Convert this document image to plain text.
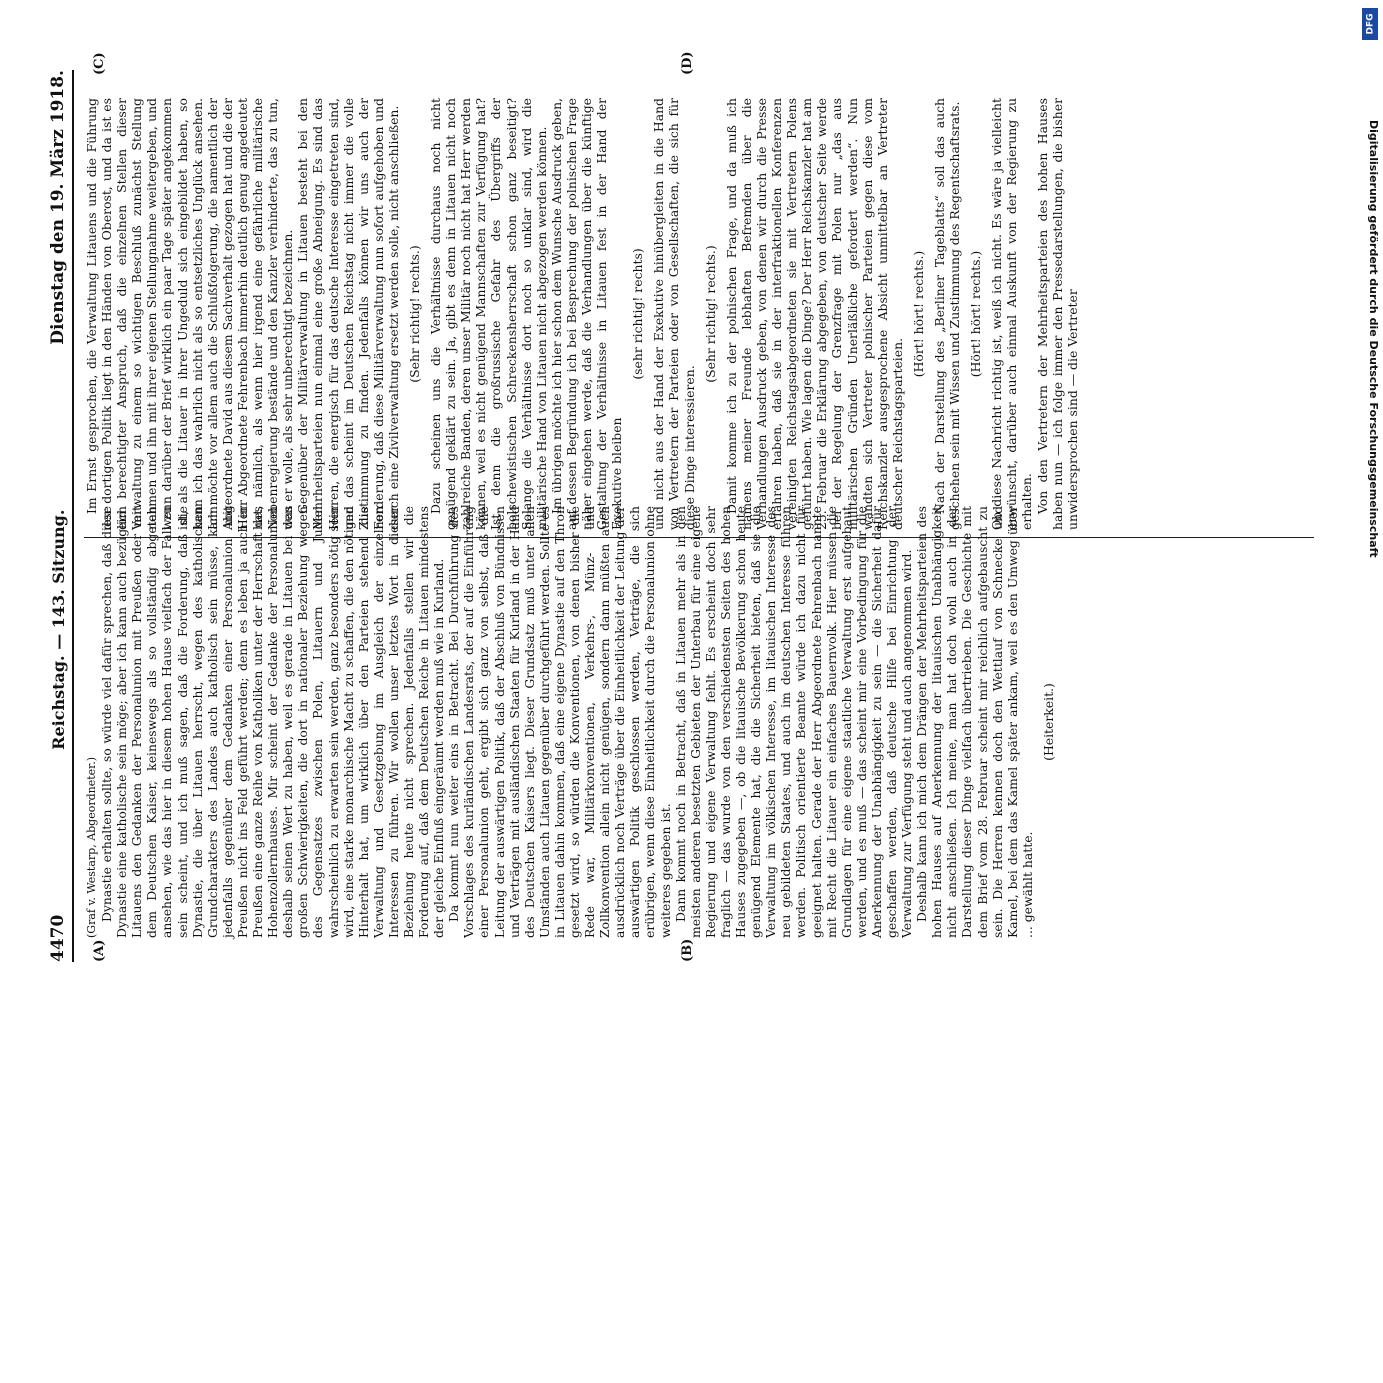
4470
Reichstag. — 143. Sitzung.
Dienstag den 19. März 1918.
(A)	(B)
(C)	(D)

(Graf v. Westarp, Abgeordneter.) Dynastie erhalten sollte, so würde viel dafür sprechen, daß diese Dynastie eine katholische sein möge; aber ich kann auch bezüglich Litauens den Gedanken der Personalunion mit Preußen oder mit dem Deutschen Kaiser, keineswegs als so vollständig abgetan ansehen, wie das hier in diesem hohen Hause vielfach der Fall zu sein scheint, und ich muß sagen, daß die Forderung, daß die Dynastie, die über Litauen herrscht, wegen des katholischen Grundcharakters des Landes auch katholisch sein müsse, kann jedenfalls gegenüber dem Gedanken einer Personalunion mit Preußen nicht ins Feld geführt werden; denn es leben ja auch in Preußen eine ganze Reihe von Katholiken unter der Herrschaft des Hohenzollernhauses. Mir scheint der Gedanke der Personalunion deshalb seinen Wert zu haben, weil es gerade in Litauen bei den großen Schwierigkeiten, die dort in nationaler Beziehung wegen des Gegensatzes zwischen Polen, Litauern und Juden wahrscheinlich zu erwarten sein werden, ganz besonders nötig sein wird, eine starke monarchische Macht zu schaffen, die den nötigen Hinterhalt hat, um wirklich über den Parteien stehend die Verwaltung und Gesetzgebung im Ausgleich der einzelnen Interessen zu führen. Wir wollen unser letztes Wort in dieser Beziehung heute nicht sprechen. Jedenfalls stellen wir die Forderung auf, daß dem Deutschen Reiche in Litauen mindestens der gleiche Einfluß eingeräumt werden muß wie in Kurland. Da kommt nun weiter eins in Betracht. Bei Durchführung des Vorschlages des kurländischen Landesrats, der auf die Einführung einer Personalunion geht, ergibt sich ganz von selbst, daß die Leitung der auswärtigen Politik, daß der Abschluß von Bündnissen und Verträgen mit ausländischen Staaten für Kurland in der Hand des Deutschen Kaisers liegt. Dieser Grundsatz muß unter allen Umständen auch Litauen gegenüber durchgeführt werden. Sollte es in Litauen dahin kommen, daß eine eigene Dynastie auf den Thron gesetzt wird, so würden die Konventionen, von denen bisher die Rede war, Militärkonventionen, Verkehrs-, Münz- und Zollkonvention allein nicht genügen, sondern dann müßten auch ausdrücklich noch Verträge über die Einheitlichkeit der Leitung der auswärtigen Politik geschlossen werden, Verträge, die sich erübrigen, wenn diese Einheitlichkeit durch die Personalunion ohne weiteres gegeben ist. Dann kommt noch in Betracht, daß in Litauen mehr als in den meisten anderen besetzten Gebieten der Unterbau für eine eigene Regierung und eigene Verwaltung fehlt. Es erscheint doch sehr fraglich — das wurde von den verschiedensten Seiten des hohen Hauses zugegeben —, ob die litauische Bevölkerung schon heute genügend Elemente hat, die die Sicherheit bieten, daß sie die Verwaltung im völkischen Interesse, im litauischen Interesse des neu gebildeten Staates, und auch im deutschen Interesse führen werden. Politisch orientierte Beamte würde ich dazu nicht für geeignet halten. Gerade der Herr Abgeordnete Fehrenbach nannte mit Recht die Litauer ein einfaches Bauernvolk. Hier müssen die Grundlagen für eine eigene staatliche Verwaltung erst aufgebaut werden, und es muß — das scheint mir eine Vorbedingung für die Anerkennung der Unabhängigkeit zu sein — die Sicherheit dafür geschaffen werden, daß deutsche Hilfe bei Einrichtung der Verwaltung zur Verfügung steht und auch angenommen wird. Deshalb kann ich mich dem Drängen der Mehrheitsparteien des hohen Hauses auf Anerkennung der litauischen Unabhängigkeit nicht anschließen. Ich meine, man hat doch wohl auch in der Darstellung dieser Dinge vielfach übertrieben. Die Geschichte mit dem Brief vom 28. Februar scheint mir reichlich aufgebauscht zu sein. Die Herren kennen doch den Wettlauf von Schnecke und Kamel, bei dem das Kamel später ankam, weil es den Umweg über ... gewählt hatte.

(Heiterkeit.)

Im Ernst gesprochen, die Verwaltung Litauens und die Führung der dortigen Politik liegt in den Händen von Oberost, und da ist es ein berechtigter Anspruch, daß die einzelnen Stellen dieser Verwaltung zu einem so wichtigen Beschluß zunächst Stellung nehmen und ihn mit ihrer eigenen Stellungnahme weitergeben, und wenn darüber der Brief wirklich ein paar Tage später angekommen ist, als die Litauer in ihrer Ungeduld sich eingebildet haben, so kann ich das wahrlich nicht als so entsetzliches Unglück ansehen. Ich möchte vor allem auch die Schlußfolgerung, die namentlich der Abgeordnete David aus diesem Sachverhalt gezogen hat und die der Herr Abgeordnete Fehrenbach immerhin deutlich genug angedeutet hat, nämlich, als wenn hier irgend eine gefährliche militärische Nebenregierung bestände und den Kanzler verhinderte, das zu tun, was er wolle, als sehr unberechtigt bezeichnen. Gegenüber der Militärverwaltung in Litauen besteht bei den Mehrheitsparteien nun einmal eine große Abneigung. Es sind das Herren, die energisch für das deutsche Interesse eingetreten sind, und das scheint im Deutschen Reichstag nicht immer die volle Zustimmung zu finden. Jedenfalls können wir uns auch der Forderung, daß diese Militärverwaltung nun sofort aufgehoben und durch eine Zivilverwaltung ersetzt werden solle, nicht anschließen. (Sehr richtig! rechts.) Dazu scheinen uns die Verhältnisse durchaus noch nicht genügend geklärt zu sein. Ja, gibt es denn in Litauen nicht noch zahlreiche Banden, deren unser Militär noch nicht hat Herr werden können, weil es nicht genügend Mannschaften zur Verfügung hat? Ist denn die großrussische Gefahr des Übergriffs der bolschewistischen Schreckensherrschaft schon ganz beseitigt? Solange die Verhältnisse dort noch so unklar sind, wird die militärische Hand von Litauen nicht abgezogen werden können. Im übrigen möchte ich hier schon dem Wunsche Ausdruck geben, auf dessen Begründung ich bei Besprechung der polnischen Frage näher eingehen werde, daß die Verhandlungen über die künftige Gestaltung der Verhältnisse in Litauen fest in der Hand der Exekutive bleiben

(sehr richtig! rechts) und nicht aus der Hand der Exekutive hinübergleiten in die Hand von Vertretern der Parteien oder von Gesellschaften, die sich für diese Dinge interessieren.

(Sehr richtig! rechts.) Damit komme ich zu der polnischen Frage, und da muß ich namens meiner Freunde lebhaften Befremden über die Verhandlungen Ausdruck geben, von denen wir durch die Presse erfahren haben, daß sie in der interfraktionellen Konferenzen vereinigten Reichstagsabgeordneten sie mit Vertretern Polens geführt haben. Wie lagen die Dinge? Der Herr Reichskanzler hat am 25. Februar die Erklärung abgegeben, von deutscher Seite werde bei der Regelung der Grenzfrage mit Polen nur „das aus militärischen Gründen Unerläßliche gefordert werden“. Nun wandten sich Vertreter polnischer Parteien gegen diese vom Reichskanzler ausgesprochene Absicht unmittelbar an Vertreter deutscher Reichstagsparteien.

(Hört! hört! rechts.) Nach der Darstellung des „Berliner Tageblatts“ soll das auch geschehen sein mit Wissen und Zustimmung des Regentschaftsrats. (Hört! hört! rechts.) Ob diese Nachricht richtig ist, weiß ich nicht. Es wäre ja vielleicht erwünscht, darüber auch einmal Auskunft von der Regierung zu erhalten. Von den Vertretern der Mehrheitsparteien des hohen Hauses haben nun — ich folge immer den Pressedarstellungen, die bisher unwidersprochen sind — die Vertreter	Digitalisierung gefördert durch die Deutsche Forschungsgemeinschaft
DFG
